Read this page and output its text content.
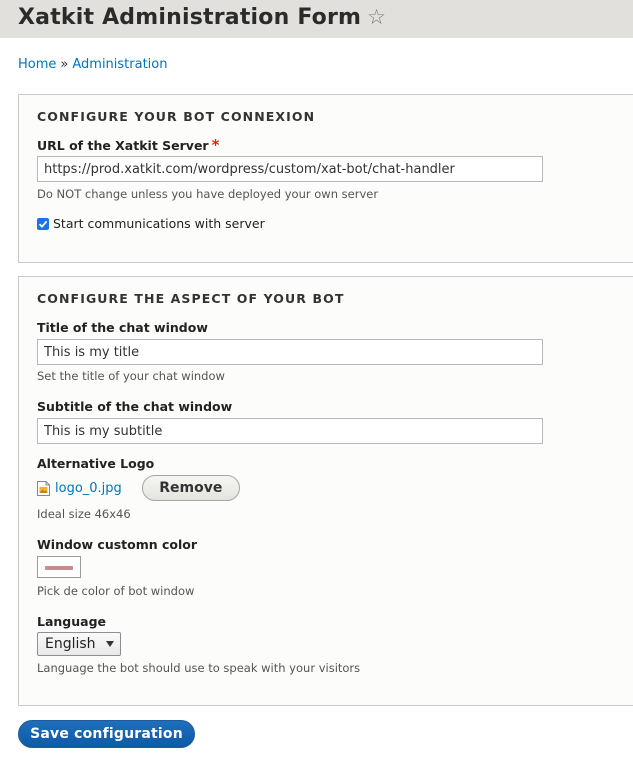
Xatkit Administration Form ☆
Home » Administration
CONFIGURE YOUR BOT CONNEXION
URL of the Xatkit Server *
https://prod.xatkit.com/wordpress/custom/xat-bot/chat-handler
Do NOT change unless you have deployed your own server
Start communications with server
CONFIGURE THE ASPECT OF YOUR BOT
Title of the chat window
This is my title
Set the title of your chat window
Subtitle of the chat window
This is my subtitle
Alternative Logo
logo_0.jpg	Remove
Ideal size 46x46
Window customn color
Pick de color of bot window
Language
English
Language the bot should use to speak with your visitors
Save configuration
